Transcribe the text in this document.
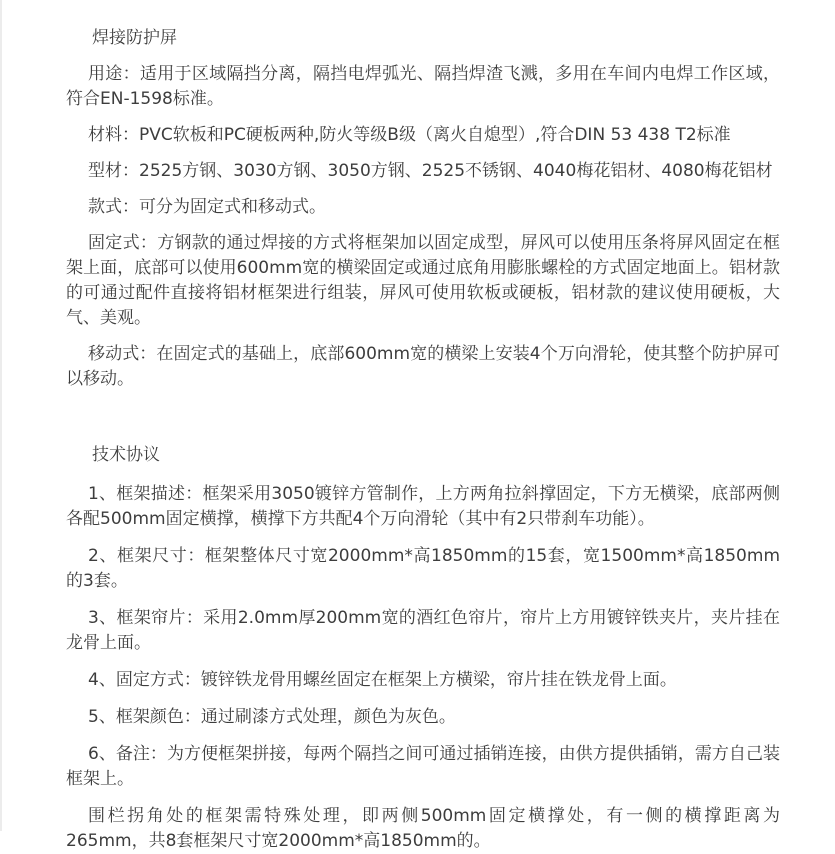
焊接防护屏

用途：适用于区域隔挡分离，隔挡电焊弧光、隔挡焊渣飞溅，多用在车间内电焊工作区域，符合EN-1598标准。

材料：PVC软板和PC硬板两种,防火等级B级（离火自熄型）,符合DIN 53 438 T2标准

型材：2525方钢、3030方钢、3050方钢、2525不锈钢、4040梅花铝材、4080梅花铝材

款式：可分为固定式和移动式。

固定式：方钢款的通过焊接的方式将框架加以固定成型，屏风可以使用压条将屏风固定在框架上面，底部可以使用600mm宽的横梁固定或通过底角用膨胀螺栓的方式固定地面上。铝材款的可通过配件直接将铝材框架进行组装，屏风可使用软板或硬板，铝材款的建议使用硬板，大气、美观。

移动式：在固定式的基础上，底部600mm宽的横梁上安装4个万向滑轮，使其整个防护屏可以移动。

技术协议

1、框架描述：框架采用3050镀锌方管制作，上方两角拉斜撑固定，下方无横梁，底部两侧各配500mm固定横撑，横撑下方共配4个万向滑轮（其中有2只带刹车功能）。

2、框架尺寸：框架整体尺寸宽2000mm*高1850mm的15套，宽1500mm*高1850mm的3套。

3、框架帘片：采用2.0mm厚200mm宽的酒红色帘片，帘片上方用镀锌铁夹片，夹片挂在龙骨上面。

4、固定方式：镀锌铁龙骨用螺丝固定在框架上方横梁，帘片挂在铁龙骨上面。

5、框架颜色：通过刷漆方式处理，颜色为灰色。

6、备注：为方便框架拼接，每两个隔挡之间可通过插销连接，由供方提供插销，需方自己装框架上。

围栏拐角处的框架需特殊处理，即两侧500mm固定横撑处，有一侧的横撑距离为265mm，共8套框架尺寸宽2000mm*高1850mm的。
